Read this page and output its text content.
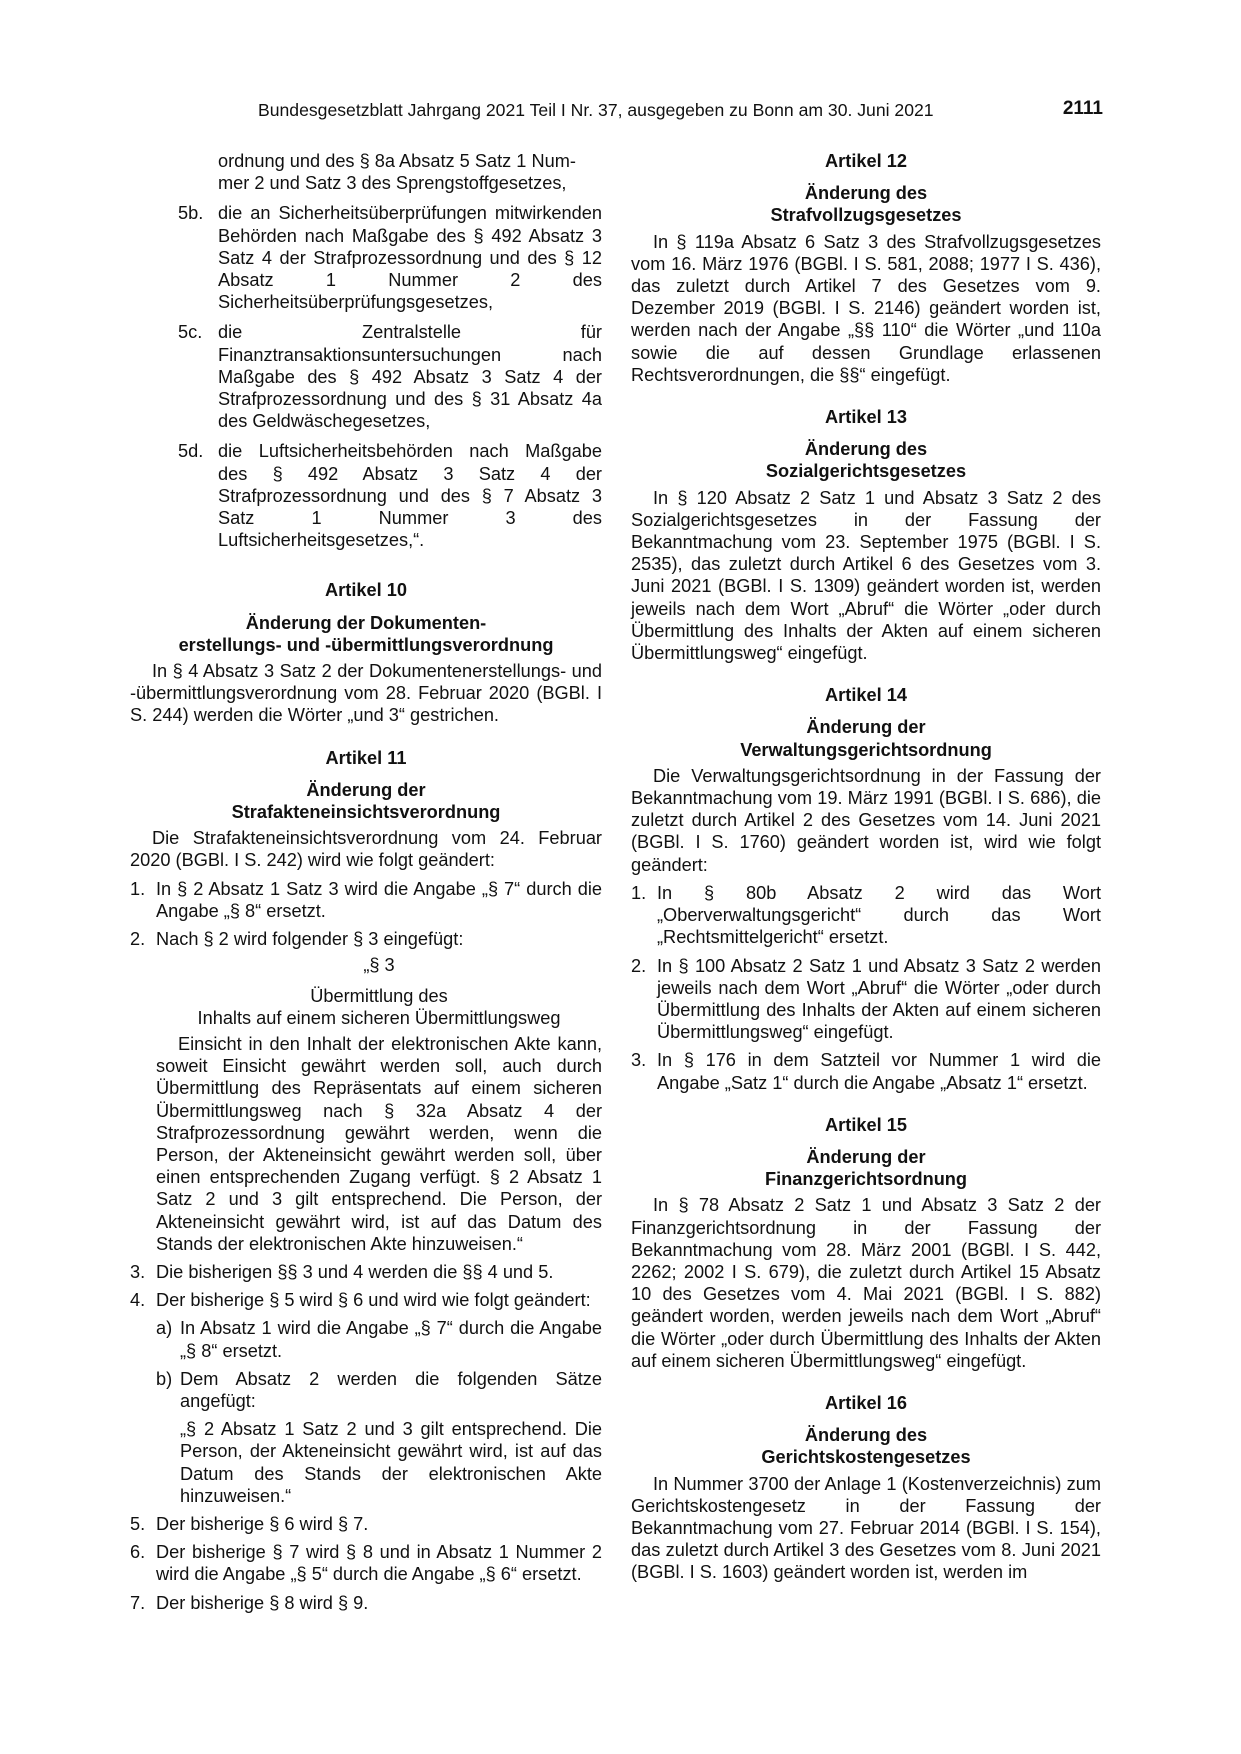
Bundesgesetzblatt Jahrgang 2021 Teil I Nr. 37, ausgegeben zu Bonn am 30. Juni 2021	2111

ordnung und des § 8a Absatz 5 Satz 1 Num-

mer 2 und Satz 3 des Sprengstoffgesetzes,

5b. die an Sicherheitsüberprüfungen mitwirkenden Behörden nach Maßgabe des § 492 Absatz 3 Satz 4 der Strafprozessordnung und des § 12 Absatz 1 Nummer 2 des Sicherheitsüberprüfungsgesetzes,
5c. die Zentralstelle für Finanztransaktionsuntersuchungen nach Maßgabe des § 492 Absatz 3 Satz 4 der Strafprozessordnung und des § 31 Absatz 4a des Geldwäschegesetzes,
5d. die Luftsicherheitsbehörden nach Maßgabe des § 492 Absatz 3 Satz 4 der Strafprozessordnung und des § 7 Absatz 3 Satz 1 Nummer 3 des Luftsicherheitsgesetzes,“.

Artikel 10

Änderung der Dokumenten-

erstellungs- und -übermittlungsverordnung

In § 4 Absatz 3 Satz 2 der Dokumentenerstellungs- und -übermittlungsverordnung vom 28. Februar 2020 (BGBl. I S. 244) werden die Wörter „und 3“ gestrichen.

Artikel 11

Änderung der

Strafakteneinsichtsverordnung

Die Strafakteneinsichtsverordnung vom 24. Februar 2020 (BGBl. I S. 242) wird wie folgt geändert:

1. In § 2 Absatz 1 Satz 3 wird die Angabe „§ 7“ durch die Angabe „§ 8“ ersetzt.
2. Nach § 2 wird folgender § 3 eingefügt:

„§ 3

Übermittlung des

Inhalts auf einem sicheren Übermittlungsweg

Einsicht in den Inhalt der elektronischen Akte kann, soweit Einsicht gewährt werden soll, auch durch Übermittlung des Repräsentats auf einem sicheren Übermittlungsweg nach § 32a Absatz 4 der Strafprozessordnung gewährt werden, wenn die Person, der Akteneinsicht gewährt werden soll, über einen entsprechenden Zugang verfügt. § 2 Absatz 1 Satz 2 und 3 gilt entsprechend. Die Person, der Akteneinsicht gewährt wird, ist auf das Datum des Stands der elektronischen Akte hinzuweisen.“

3. Die bisherigen §§ 3 und 4 werden die §§ 4 und 5.
4. Der bisherige § 5 wird § 6 und wird wie folgt geändert:
a) In Absatz 1 wird die Angabe „§ 7“ durch die Angabe „§ 8“ ersetzt.
b) Dem Absatz 2 werden die folgenden Sätze angefügt:

„§ 2 Absatz 1 Satz 2 und 3 gilt entsprechend. Die Person, der Akteneinsicht gewährt wird, ist auf das Datum des Stands der elektronischen Akte hinzuweisen.“

5. Der bisherige § 6 wird § 7.
6. Der bisherige § 7 wird § 8 und in Absatz 1 Nummer 2 wird die Angabe „§ 5“ durch die Angabe „§ 6“ ersetzt.
7. Der bisherige § 8 wird § 9.

Artikel 12

Änderung des

Strafvollzugsgesetzes

In § 119a Absatz 6 Satz 3 des Strafvollzugsgesetzes vom 16. März 1976 (BGBl. I S. 581, 2088; 1977 I S. 436), das zuletzt durch Artikel 7 des Gesetzes vom 9. Dezember 2019 (BGBl. I S. 2146) geändert worden ist, werden nach der Angabe „§§ 110“ die Wörter „und 110a sowie die auf dessen Grundlage erlassenen Rechtsverordnungen, die §§“ eingefügt.

Artikel 13

Änderung des

Sozialgerichtsgesetzes

In § 120 Absatz 2 Satz 1 und Absatz 3 Satz 2 des Sozialgerichtsgesetzes in der Fassung der Bekanntmachung vom 23. September 1975 (BGBl. I S. 2535), das zuletzt durch Artikel 6 des Gesetzes vom 3. Juni 2021 (BGBl. I S. 1309) geändert worden ist, werden jeweils nach dem Wort „Abruf“ die Wörter „oder durch Übermittlung des Inhalts der Akten auf einem sicheren Übermittlungsweg“ eingefügt.

Artikel 14

Änderung der

Verwaltungsgerichtsordnung

Die Verwaltungsgerichtsordnung in der Fassung der Bekanntmachung vom 19. März 1991 (BGBl. I S. 686), die zuletzt durch Artikel 2 des Gesetzes vom 14. Juni 2021 (BGBl. I S. 1760) geändert worden ist, wird wie folgt geändert:

1. In § 80b Absatz 2 wird das Wort „Oberverwaltungsgericht“ durch das Wort „Rechtsmittelgericht“ ersetzt.
2. In § 100 Absatz 2 Satz 1 und Absatz 3 Satz 2 werden jeweils nach dem Wort „Abruf“ die Wörter „oder durch Übermittlung des Inhalts der Akten auf einem sicheren Übermittlungsweg“ eingefügt.
3. In § 176 in dem Satzteil vor Nummer 1 wird die Angabe „Satz 1“ durch die Angabe „Absatz 1“ ersetzt.

Artikel 15

Änderung der

Finanzgerichtsordnung

In § 78 Absatz 2 Satz 1 und Absatz 3 Satz 2 der Finanzgerichtsordnung in der Fassung der Bekanntmachung vom 28. März 2001 (BGBl. I S. 442, 2262; 2002 I S. 679), die zuletzt durch Artikel 15 Absatz 10 des Gesetzes vom 4. Mai 2021 (BGBl. I S. 882) geändert worden, werden jeweils nach dem Wort „Abruf“ die Wörter „oder durch Übermittlung des Inhalts der Akten auf einem sicheren Übermittlungsweg“ eingefügt.

Artikel 16

Änderung des

Gerichtskostengesetzes

In Nummer 3700 der Anlage 1 (Kostenverzeichnis) zum Gerichtskostengesetz in der Fassung der Bekanntmachung vom 27. Februar 2014 (BGBl. I S. 154), das zuletzt durch Artikel 3 des Gesetzes vom 8. Juni 2021 (BGBl. I S. 1603) geändert worden ist, werden im
